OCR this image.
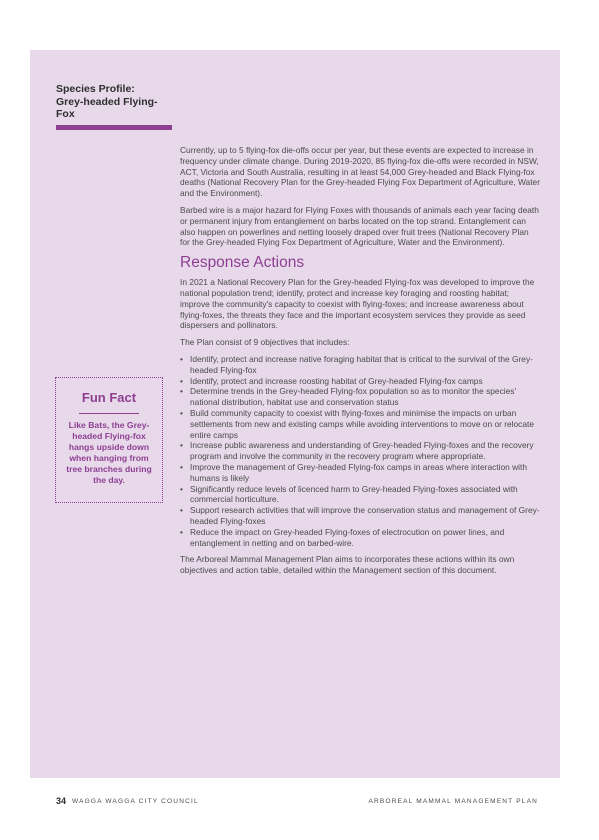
Species Profile:
Grey-headed Flying-Fox

Currently, up to 5 flying-fox die-offs occur per year, but these events are expected to increase in frequency under climate change. During 2019-2020, 85 flying-fox die-offs were recorded in NSW, ACT, Victoria and South Australia, resulting in at least 54,000 Grey-headed and Black Flying-fox deaths (National Recovery Plan for the Grey-headed Flying Fox Department of Agriculture, Water and the Environment).

Barbed wire is a major hazard for Flying Foxes with thousands of animals each year facing death or permanent injury from entanglement on barbs located on the top strand. Entanglement can also happen on powerlines and netting loosely draped over fruit trees (National Recovery Plan for the Grey-headed Flying Fox Department of Agriculture, Water and the Environment).

Response Actions

In 2021 a National Recovery Plan for the Grey-headed Flying-fox was developed to improve the national population trend; identify, protect and increase key foraging and roosting habitat; improve the community's capacity to coexist with flying-foxes; and increase awareness about flying-foxes, the threats they face and the important ecosystem services they provide as seed dispersers and pollinators.

The Plan consist of 9 objectives that includes:

• Identify, protect and increase native foraging habitat that is critical to the survival of the Grey-headed Flying-fox
• Identify, protect and increase roosting habitat of Grey-headed Flying-fox camps
• Determine trends in the Grey-headed Flying-fox population so as to monitor the species' national distribution, habitat use and conservation status
• Build community capacity to coexist with flying-foxes and minimise the impacts on urban settlements from new and existing camps while avoiding interventions to move on or relocate entire camps
• Increase public awareness and understanding of Grey-headed Flying-foxes and the recovery program and involve the community in the recovery program where appropriate.
• Improve the management of Grey-headed Flying-fox camps in areas where interaction with humans is likely
• Significantly reduce levels of licenced harm to Grey-headed Flying-foxes associated with commercial horticulture.
• Support research activities that will improve the conservation status and management of Grey-headed Flying-foxes
• Reduce the impact on Grey-headed Flying-foxes of electrocution on power lines, and entanglement in netting and on barbed-wire.

The Arboreal Mammal Management Plan aims to incorporates these actions within its own objectives and action table, detailed within the Management section of this document.

Fun Fact
Like Bats, the Grey-headed Flying-fox hangs upside down when hanging from tree branches during the day.
34 WAGGA WAGGA CITY COUNCIL	ARBOREAL MAMMAL MANAGEMENT PLAN
